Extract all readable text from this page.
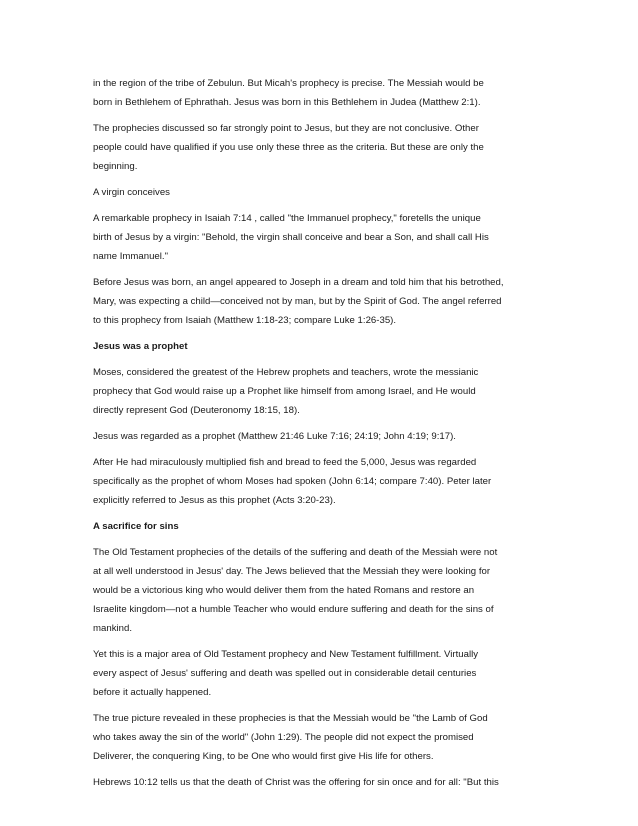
in the region of the tribe of Zebulun. But Micah's prophecy is precise. The Messiah would be
born in Bethlehem of Ephrathah. Jesus was born in this Bethlehem in Judea (Matthew 2:1).

The prophecies discussed so far strongly point to Jesus, but they are not conclusive. Other
people could have qualified if you use only these three as the criteria. But these are only the
beginning.

A virgin conceives

A remarkable prophecy in Isaiah 7:14 , called "the Immanuel prophecy," foretells the unique
birth of Jesus by a virgin: "Behold, the virgin shall conceive and bear a Son, and shall call His
name Immanuel."

Before Jesus was born, an angel appeared to Joseph in a dream and told him that his betrothed,
Mary, was expecting a child—conceived not by man, but by the Spirit of God. The angel referred
to this prophecy from Isaiah (Matthew 1:18-23; compare Luke 1:26-35).

Jesus was a prophet

Moses, considered the greatest of the Hebrew prophets and teachers, wrote the messianic
prophecy that God would raise up a Prophet like himself from among Israel, and He would
directly represent God (Deuteronomy 18:15, 18).

Jesus was regarded as a prophet (Matthew 21:46 Luke 7:16; 24:19; John 4:19; 9:17).

After He had miraculously multiplied fish and bread to feed the 5,000, Jesus was regarded
specifically as the prophet of whom Moses had spoken (John 6:14; compare 7:40). Peter later
explicitly referred to Jesus as this prophet (Acts 3:20-23).

A sacrifice for sins

The Old Testament prophecies of the details of the suffering and death of the Messiah were not
at all well understood in Jesus' day. The Jews believed that the Messiah they were looking for
would be a victorious king who would deliver them from the hated Romans and restore an
Israelite kingdom—not a humble Teacher who would endure suffering and death for the sins of
mankind.

Yet this is a major area of Old Testament prophecy and New Testament fulfillment. Virtually
every aspect of Jesus' suffering and death was spelled out in considerable detail centuries
before it actually happened.

The true picture revealed in these prophecies is that the Messiah would be "the Lamb of God
who takes away the sin of the world" (John 1:29). The people did not expect the promised
Deliverer, the conquering King, to be One who would first give His life for others.

Hebrews 10:12 tells us that the death of Christ was the offering for sin once and for all: "But this
